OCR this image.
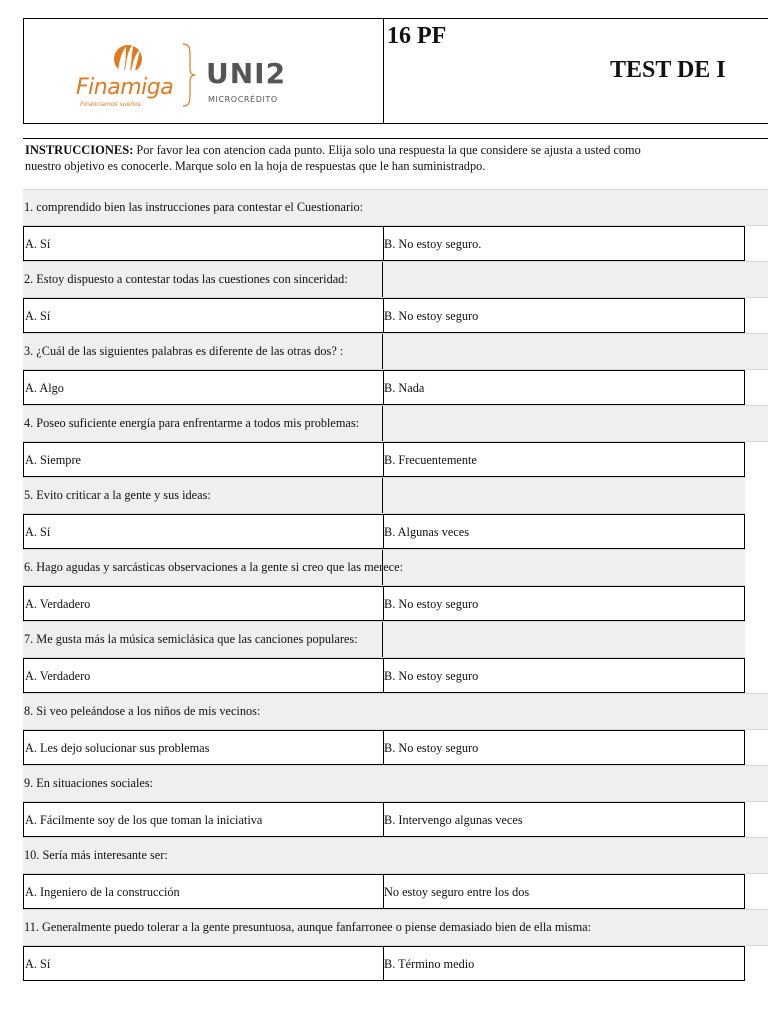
Finamiga
Financiamos sueños.
UNI2
MICROCRÉDITO
16 PF
TEST DE I
INSTRUCCIONES: Por favor lea con atencion cada punto. Elija solo una respuesta la que considere se ajusta a usted como
nuestro objetivo es conocerle. Marque solo en la hoja de respuestas que le han suministradpo.
1. comprendido bien las instrucciones para contestar el Cuestionario:
A. Sí	B. No estoy seguro.
2. Estoy dispuesto a contestar todas las cuestiones con sinceridad:
A. Sí	B. No estoy seguro
3. ¿Cuál de las siguientes palabras es diferente de las otras dos? :
A. Algo	B. Nada
4. Poseo suficiente energía para enfrentarme a todos mis problemas:
A. Siempre	B. Frecuentemente
5. Evito criticar a la gente y sus ideas:
A. Sí	B. Algunas veces
6. Hago agudas y sarcásticas observaciones a la gente si creo que las merece:
A. Verdadero	B. No estoy seguro
7. Me gusta más la música semiclásica que las canciones populares:
A. Verdadero	B. No estoy seguro
8. Si veo peleándose a los niños de mis vecinos:
A. Les dejo solucionar sus problemas	B. No estoy seguro
9. En situaciones sociales:
A. Fácilmente soy de los que toman la iniciativa	B. Intervengo algunas veces
10. Sería más interesante ser:
A. Ingeniero de la construcción	No estoy seguro entre los dos
11. Generalmente puedo tolerar a la gente presuntuosa, aunque fanfarronee o piense demasiado bien de ella misma:
A. Sí	B. Término medio
